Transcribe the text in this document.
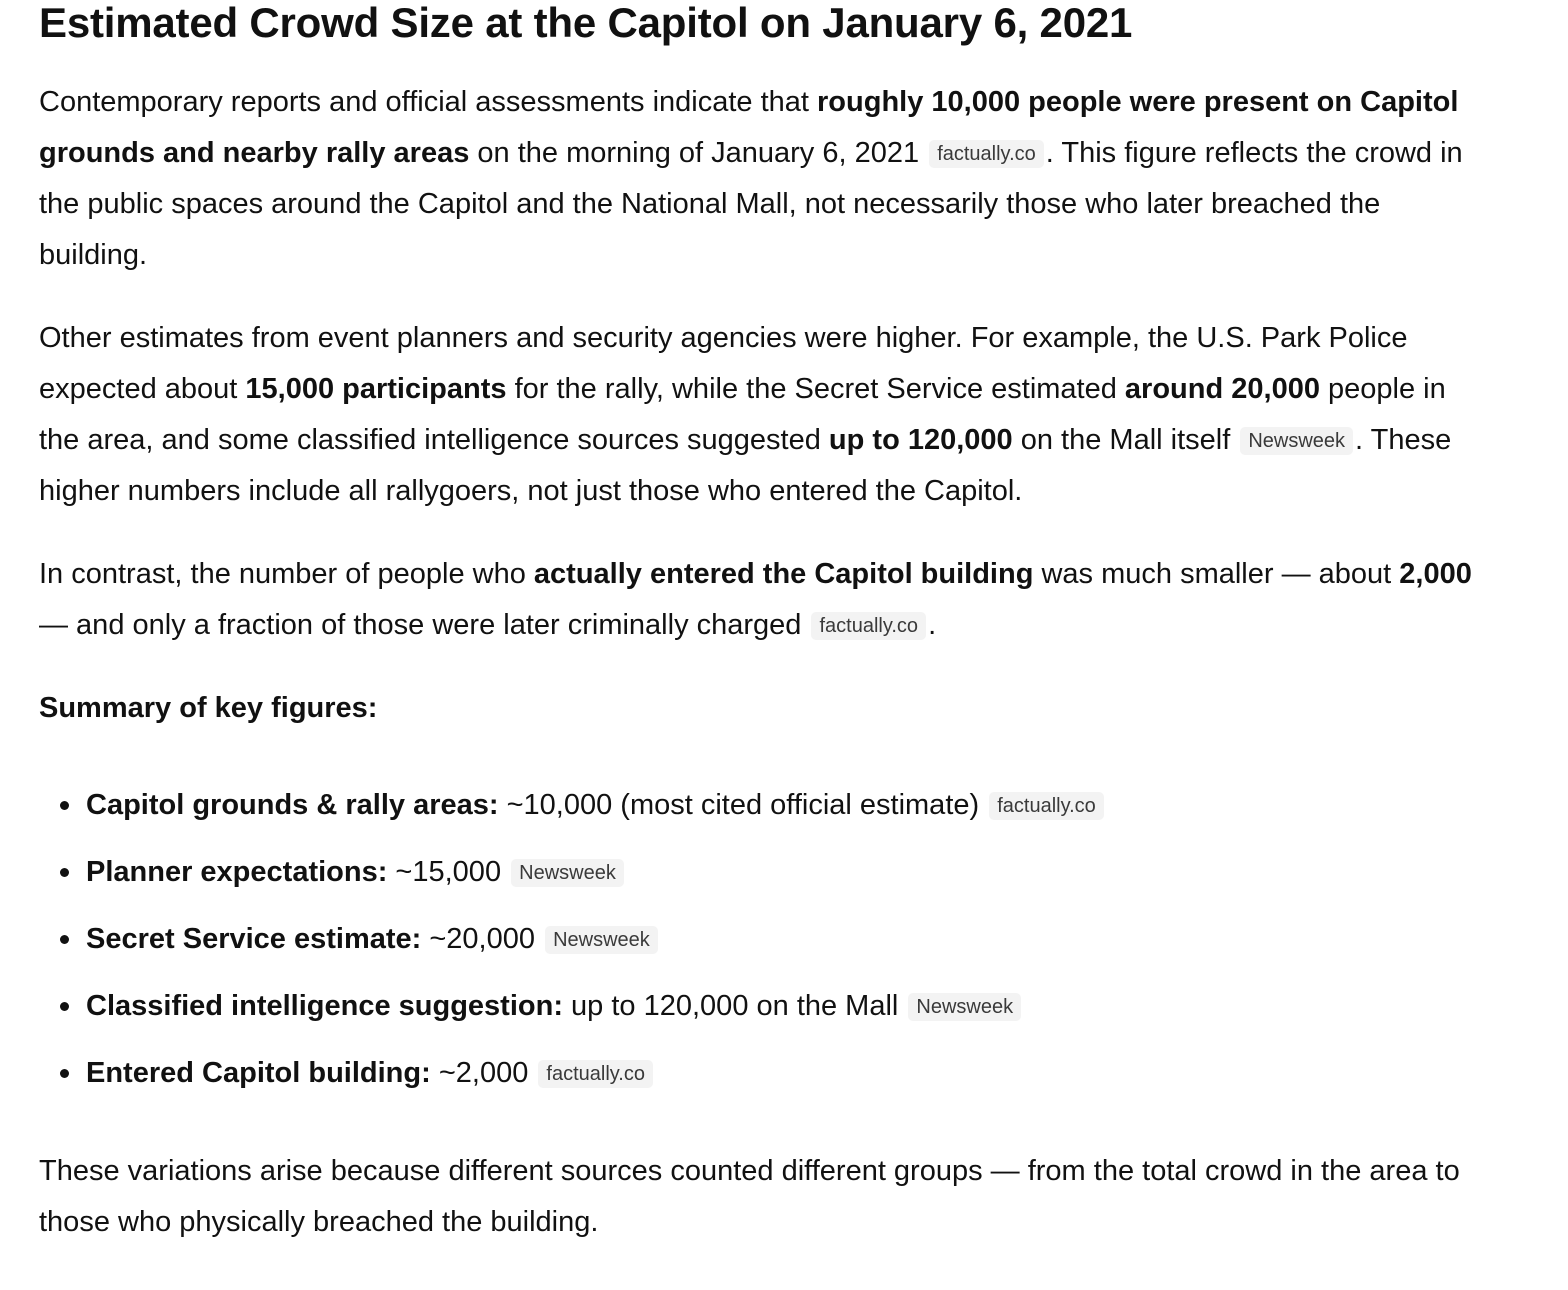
Estimated Crowd Size at the Capitol on January 6, 2021

Contemporary reports and official assessments indicate that roughly 10,000 people were present on Capitol grounds and nearby rally areas on the morning of January 6, 2021 factually.co . This figure reflects the crowd in the public spaces around the Capitol and the National Mall, not necessarily those who later breached the building.

Other estimates from event planners and security agencies were higher. For example, the U.S. Park Police expected about 15,000 participants for the rally, while the Secret Service estimated around 20,000 people in the area, and some classified intelligence sources suggested up to 120,000 on the Mall itself Newsweek . These higher numbers include all rallygoers, not just those who entered the Capitol.

In contrast, the number of people who actually entered the Capitol building was much smaller — about 2,000 — and only a fraction of those were later criminally charged factually.co .

Summary of key figures:

Capitol grounds & rally areas: ~10,000 (most cited official estimate) factually.co
Planner expectations: ~15,000 Newsweek
Secret Service estimate: ~20,000 Newsweek
Classified intelligence suggestion: up to 120,000 on the Mall Newsweek
Entered Capitol building: ~2,000 factually.co

These variations arise because different sources counted different groups — from the total crowd in the area to those who physically breached the building.
